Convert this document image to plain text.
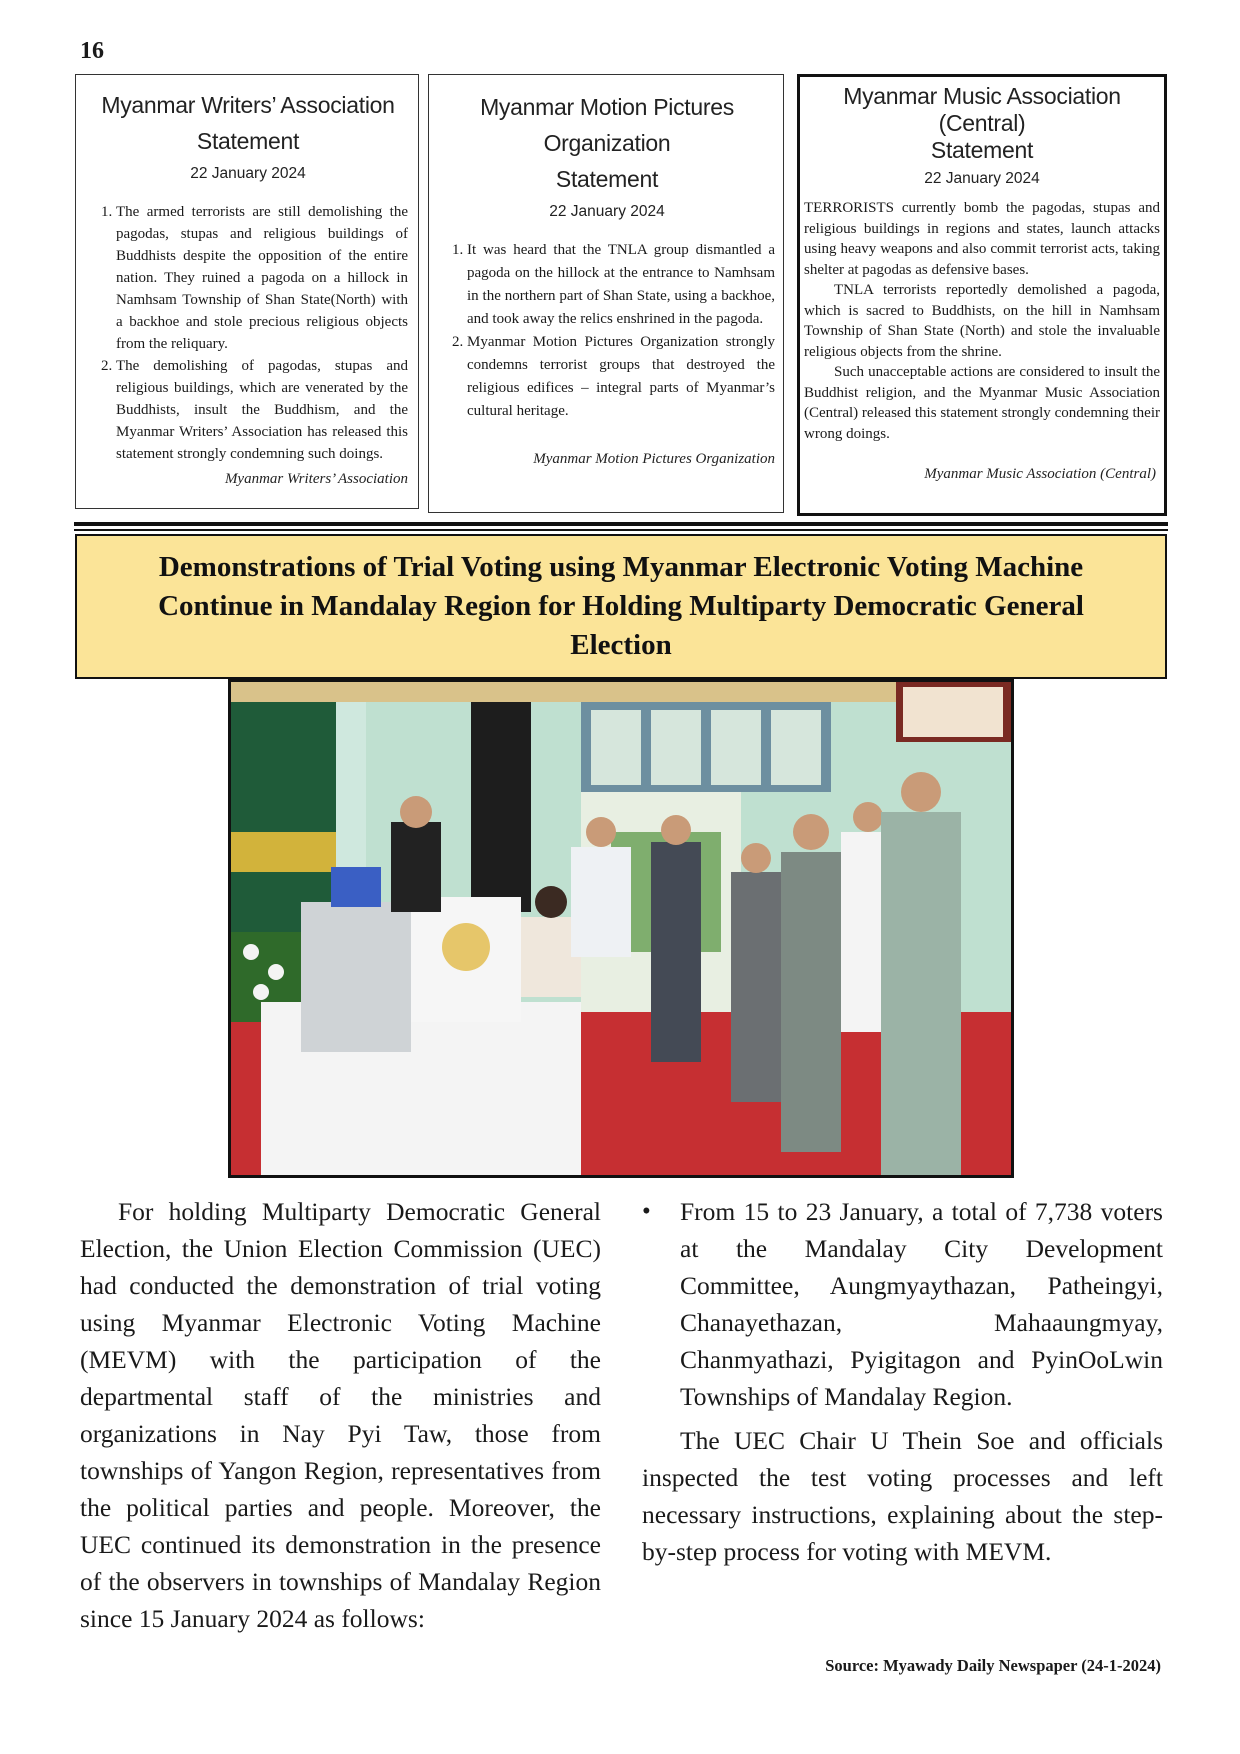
16
Myanmar Writers’ Association
Statement
22 January 2024
1. The armed terrorists are still demolishing the pagodas, stupas and religious buildings of Buddhists despite the opposition of the entire nation. They ruined a pagoda on a hillock in Namhsam Township of Shan State(North) with a backhoe and stole precious religious objects from the reliquary.
2. The demolishing of pagodas, stupas and religious buildings, which are venerated by the Buddhists, insult the Buddhism, and the Myanmar Writers’ Association has released this statement strongly condemning such doings.
Myanmar Writers’ Association
Myanmar Motion Pictures Organization
Statement
22 January 2024
1. It was heard that the TNLA group dismantled a pagoda on the hillock at the entrance to Namhsam in the northern part of Shan State, using a backhoe, and took away the relics enshrined in the pagoda.
2. Myanmar Motion Pictures Organization strongly condemns terrorist groups that destroyed the religious edifices – integral parts of Myanmar’s cultural heritage.
Myanmar Motion Pictures Organization
Myanmar Music Association
(Central)
Statement
22 January 2024

TERRORISTS currently bomb the pagodas, stupas and religious buildings in regions and states, launch attacks using heavy weapons and also commit terrorist acts, taking shelter at pagodas as defensive bases.

TNLA terrorists reportedly demolished a pagoda, which is sacred to Buddhists, on the hill in Namhsam Township of Shan State (North) and stole the invaluable religious objects from the shrine.

Such unacceptable actions are considered to insult the Buddhist religion, and the Myanmar Music Association (Central) released this statement strongly condemning their wrong doings.

Myanmar Music Association (Central)
Demonstrations of Trial Voting using Myanmar Electronic Voting Machine Continue in Mandalay Region for Holding Multiparty Democratic General Election

For holding Multiparty Democratic General Election, the Union Election Commission (UEC) had conducted the demonstration of trial voting using Myanmar Electronic Voting Machine (MEVM) with the participation of the departmental staff of the ministries and organizations in Nay Pyi Taw, those from townships of Yangon Region, representatives from the political parties and people. Moreover, the UEC continued its demonstration in the presence of the observers in townships of Mandalay Region since 15 January 2024 as follows:

•	From 15 to 23 January, a total of 7,738 voters at the Mandalay City Development Committee, Aungmyaythazan, Patheingyi, Chanayethazan, Mahaaungmyay, Chanmyathazi, Pyigitagon and PyinOoLwin Townships of Mandalay Region.

The UEC Chair U Thein Soe and officials inspected the test voting processes and left necessary instructions, explaining about the step-by-step process for voting with MEVM.

Source: Myawady Daily Newspaper (24-1-2024)
